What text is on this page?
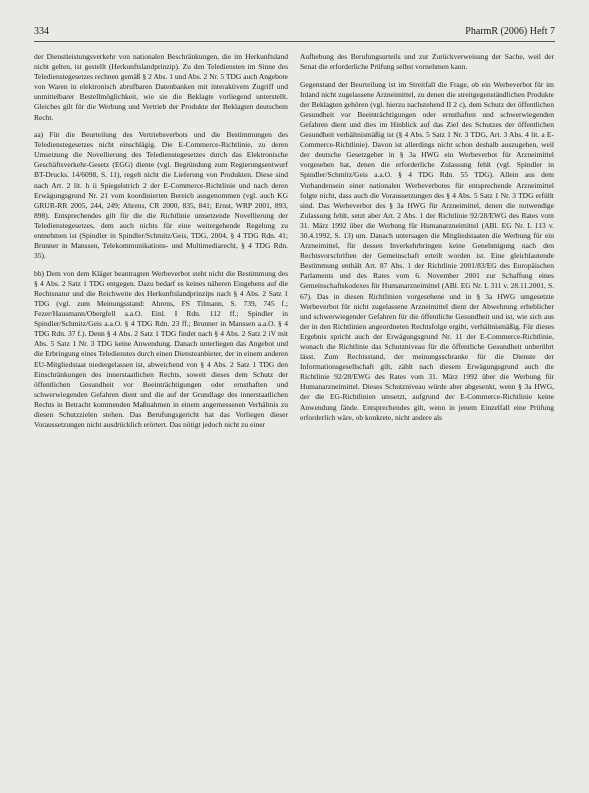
334	PharmR (2006) Heft 7

der Dienstleistungsverkehr von nationalen Beschränkungen, die im Herkunftsland nicht gelten, ist gestellt (Herkunftslandprinzip). Zu den Telediensten im Sinne des Teledienstegesetzes rechnen gemäß § 2 Abs. 1 und Abs. 2 Nr. 5 TDG auch Angebote von Waren in elektronisch abrufbaren Datenbanken mit interaktivem Zugriff und unmittelbarer Bestellmöglichkeit, wie sie die Beklagte vorliegend unterstellt. Gleiches gilt für die Werbung und Vertrieb der Produkte der Beklagten deutschem Recht.

aa) Für die Beurteilung des Vertriebsverbots und die Bestimmungen des Teledienstegesetzes nicht einschlägig. Die E-Commerce-Richtlinie, zu deren Umsetzung die Novellierung des Teledienstegesetzes durch das Elektronische Geschäftsverkehr-Gesetz (EGG) diente (vgl. Begründung zum Regierungsentwurf BT-Drucks. 14/6098, S. 11), regelt nicht die Lieferung von Produkten. Diese sind nach Art. 2 lit. h ii Spiegelstrich 2 der E-Commerce-Richtlinie und nach deren Erwägungsgrund Nr. 21 vom koordinierten Bereich ausgenommen (vgl. auch KG GRUR-RR 2005, 244, 249; Ahrens, CR 2000, 835, 841; Ernst, WRP 2001, 893, 898). Entsprechendes gilt für die die Richtlinie umsetzende Novellierung der Teledienstegesetzes, dem auch nichts für eine weitergehende Regelung zu entnehmen ist (Spindler in Spindler/Schmitz/Geis, TDG, 2004, § 4 TDG Rdn. 41; Brunner in Manssen, Telekommunikations- und Multimediarecht, § 4 TDG Rdn. 35).

bb) Dem von dem Kläger beantragten Werbeverbot steht nicht die Bestimmung des § 4 Abs. 2 Satz 1 TDG entgegen. Dazu bedarf es keines näheren Eingehens auf die Rechtsnatur und die Reichweite des Herkunftslandprinzips nach § 4 Abs. 2 Satz 1 TDG (vgl. zum Meinungsstand: Ahrens, FS Tilmann, S. 739, 745 f.; Fezer/Hausmann/Obergfell a.a.O. Einl. I Rdn. 112 ff.; Spindler in Spindler/Schmitz/Geis a.a.O. § 4 TDG Rdn. 23 ff.; Brunner in Manssen a.a.O. § 4 TDG Rdn. 37 f.). Denn § 4 Abs. 2 Satz 1 TDG findet nach § 4 Abs. 2 Satz 2 iV mit Abs. 5 Satz 1 Nr. 3 TDG keine Anwendung. Danach unterliegen das Angebot und die Erbringung eines Teledienstes durch einen Diensteanbieter, der in einem anderen EU-Mitgliedstaat niedergelassen ist, abweichend von § 4 Abs. 2 Satz 1 TDG den Einschränkungen des innerstaatlichen Rechts, soweit dieses dem Schutz der öffentlichen Gesundheit vor Beeinträchtigungen oder ernsthaften und schwerwiegenden Gefahren dient und die auf der Grundlage des innerstaatlichen Rechts in Betracht kommenden Maßnahmen in einem angemessenen Verhältnis zu diesen Schutzzielen stehen. Das Berufungsgericht hat das Vorliegen dieser Voraussetzungen nicht ausdrücklich erörtert. Das nötigt jedoch nicht zu einer

Aufhebung des Berufungsurteils und zur Zurückverweisung der Sache, weil der Senat die erforderliche Prüfung selbst vornehmen kann.

Gegenstand der Beurteilung ist im Streitfall die Frage, ob ein Werbeverbot für im Inland nicht zugelassene Arzneimittel, zu denen die streitgegenständlichen Produkte der Beklagten gehören (vgl. hierzu nachstehend II 2 c), dem Schutz der öffentlichen Gesundheit vor Beeinträchtigungen oder ernsthaften und schwerwiegenden Gefahren dient und dies im Hinblick auf das Ziel des Schutzes der öffentlichen Gesundheit verhältnismäßig ist (§ 4 Abs. 5 Satz 1 Nr. 3 TDG, Art. 3 Abs. 4 lit. a E-Commerce-Richtlinie). Davon ist allerdings nicht schon deshalb auszugehen, weil der deutsche Gesetzgeber in § 3a HWG ein Werbeverbot für Arzneimittel vorgesehen hat, denen die erforderliche Zulassung fehlt (vgl. Spindler in Spindler/Schmitz/Geis a.a.O. § 4 TDG Rdn. 55 TDG). Allein aus dem Vorhandensein einer nationalen Werbeverbotes für entsprechende Arzneimittel folgte nicht, dass auch die Voraussetzungen des § 4 Abs. 5 Satz 1 Nr. 3 TDG erfüllt sind. Das Werbeverbot des § 3a HWG für Arzneimittel, denen die notwendige Zulassung fehlt, setzt aber Art. 2 Abs. 1 der Richtlinie 92/28/EWG des Rates vom 31. März 1992 über die Werbung für Humanarzneimittel (ABl. EG Nr. L 113 v. 30.4.1992, S. 13) um. Danach untersagen die Mitgliedstaaten die Werbung für ein Arzneimittel, für dessen Inverkehrbringen keine Genehmigung nach den Rechtsvorschriften der Gemeinschaft erteilt worden ist. Eine gleichlautende Bestimmung enthält Art. 87 Abs. 1 der Richtlinie 2001/83/EG des Europäischen Parlaments und des Rates vom 6. November 2001 zur Schaffung eines Gemeinschaftskodexes für Humanarzneimittel (ABl. EG Nr. L 311 v. 28.11.2001, S. 67). Das in diesen Richtlinien vorgesehene und in § 3a HWG umgesetzte Werbeverbot für nicht zugelassene Arzneimittel dient der Abwehrung erheblicher und schwerwiegender Gefahren für die öffentliche Gesundheit und ist, wie sich aus der in den Richtlinien angeordneten Rechtsfolge ergibt, verhältnismäßig. Für dieses Ergebnis spricht auch der Erwägungsgrund Nr. 11 der E-Commerce-Richtlinie, wonach die Richtlinie das Schutzniveau für die öffentliche Gesundheit unberührt lässt. Zum Rechtsstand, der meinungsschranke für die Dienste der Informationsgesellschaft gilt, zählt nach diesem Erwägungsgrund auch die Richtlinie 92/28/EWG des Rates vom 31. März 1992 über die Werbung für Humanarzneimittel. Dieses Schutzniveau würde aber abgesenkt, wenn § 3a HWG, der die EG-Richtlinien umsetzt, aufgrund der E-Commerce-Richtlinie keine Anwendung fände. Entsprechendes gilt, wenn in jenem Einzelfall eine Prüfung erforderlich wäre, ob konkrete, nicht andere als
